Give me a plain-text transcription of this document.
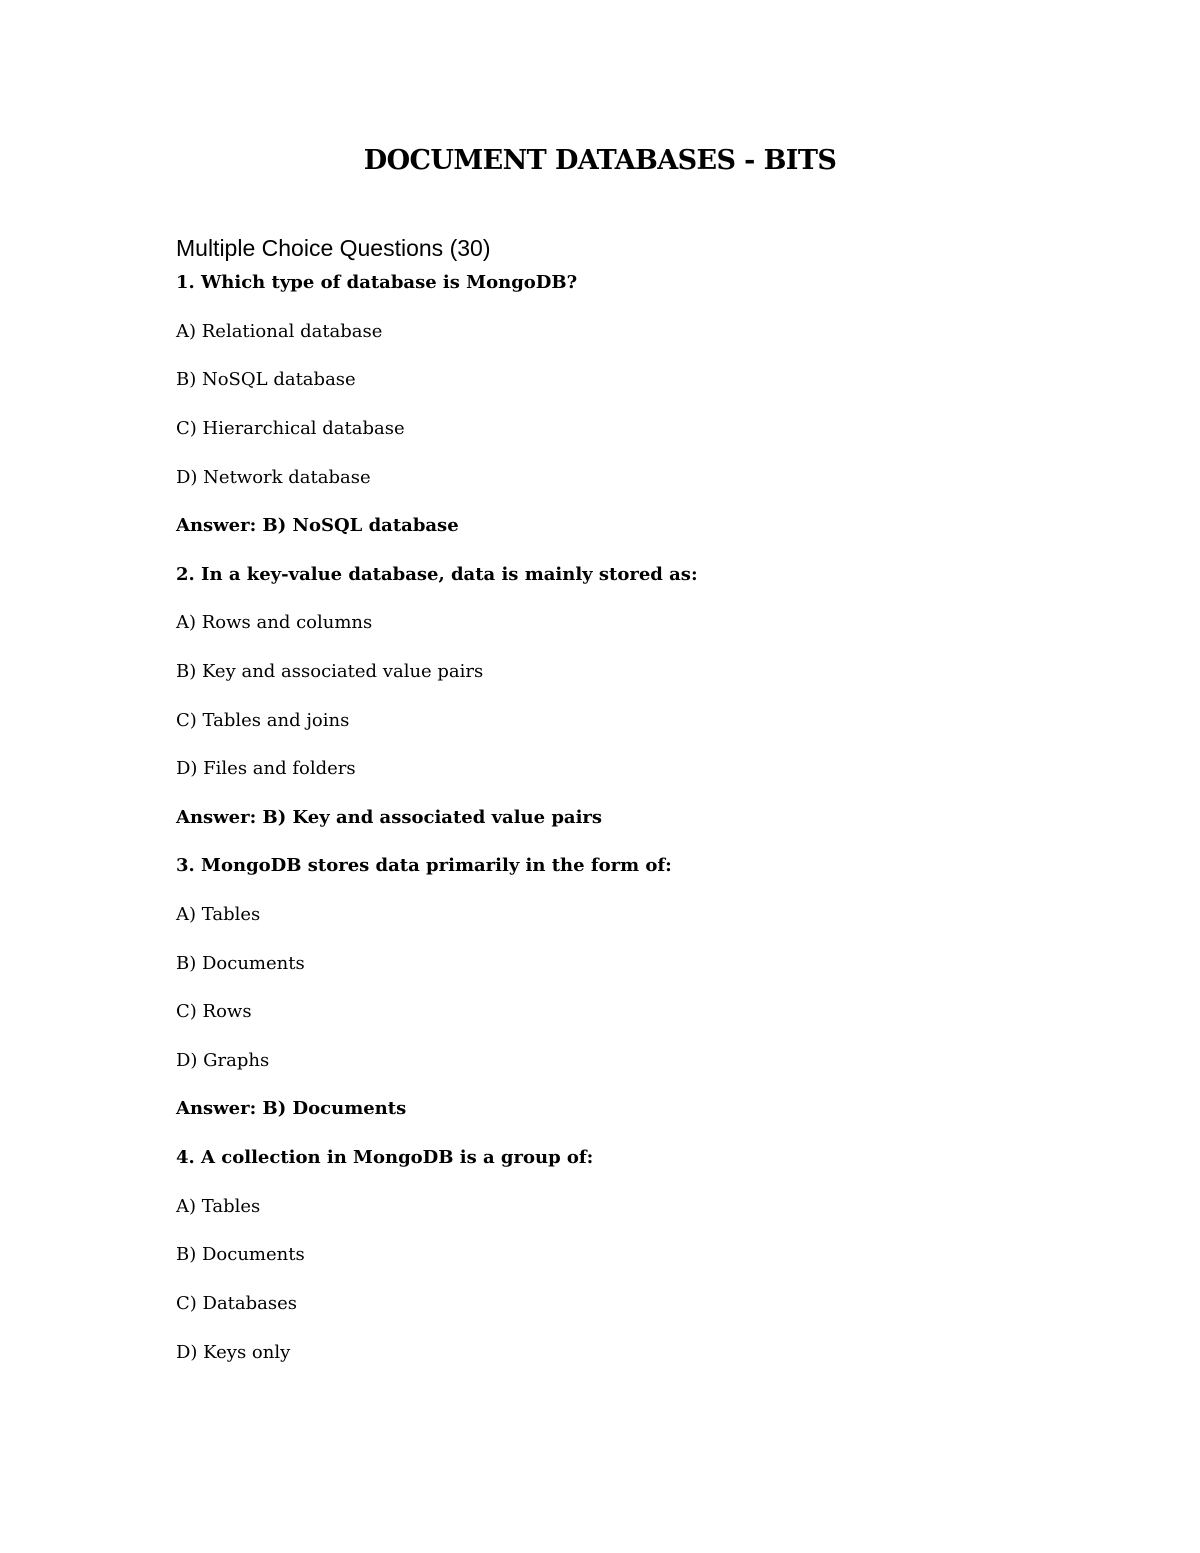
DOCUMENT DATABASES - BITS
Multiple Choice Questions (30)
1. Which type of database is MongoDB?
A) Relational database
B) NoSQL database
C) Hierarchical database
D) Network database
Answer: B) NoSQL database
2. In a key-value database, data is mainly stored as:
A) Rows and columns
B) Key and associated value pairs
C) Tables and joins
D) Files and folders
Answer: B) Key and associated value pairs
3. MongoDB stores data primarily in the form of:
A) Tables
B) Documents
C) Rows
D) Graphs
Answer: B) Documents
4. A collection in MongoDB is a group of:
A) Tables
B) Documents
C) Databases
D) Keys only
